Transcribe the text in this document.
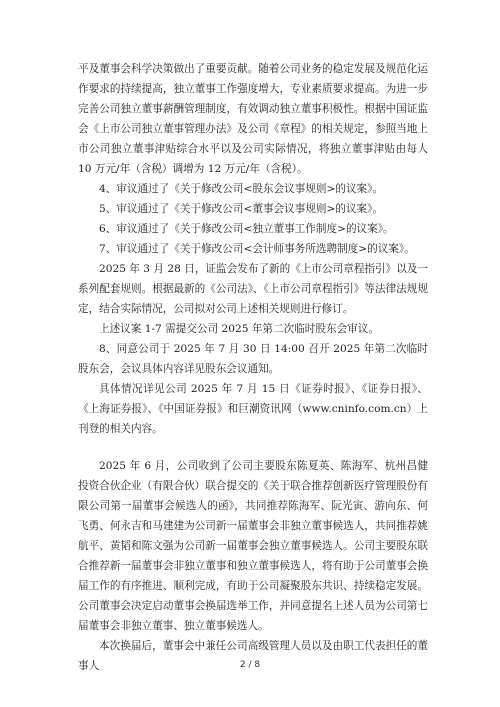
平及董事会科学决策做出了重要贡献。随着公司业务的稳定发展及规范化运作要求的持续提高，独立董事工作强度增大，专业素质要求提高。为进一步完善公司独立董事薪酬管理制度，有效调动独立董事积极性。根据中国证监会《上市公司独立董事管理办法》及公司《章程》的相关规定，参照当地上市公司独立董事津贴综合水平以及公司实际情况，将独立董事津贴由每人 10 万元/年（含税）调增为 12 万元/年（含税）。

4、审议通过了《关于修改公司<股东会议事规则>的议案》。

5、审议通过了《关于修改公司<董事会议事规则>的议案》。

6、审议通过了《关于修改公司<独立董事工作制度>的议案》。

7、审议通过了《关于修改公司<会计师事务所选聘制度>的议案》。

2025 年 3 月 28 日，证监会发布了新的《上市公司章程指引》以及一系列配套规则。根据最新的《公司法》、《上市公司章程指引》等法律法规规定，结合实际情况，公司拟对公司上述相关规则进行修订。

上述议案 1-7 需提交公司 2025 年第二次临时股东会审议。

8、同意公司于 2025 年 7 月 30 日 14:00 召开 2025 年第二次临时股东会，会议具体内容详见股东会议通知。

具体情况详见公司 2025 年 7 月 15 日《证券时报》、《证券日报》、《上海证券报》、《中国证券报》和巨潮资讯网（www.cninfo.com.cn）上刊登的相关内容。

2025 年 6 月，公司收到了公司主要股东陈夏英、陈海军、杭州昌健投资合伙企业（有限合伙）联合提交的《关于联合推荐创新医疗管理股份有限公司第一届董事会候选人的函》，共同推荐陈海军、阮光寅、游向东、何飞勇、何永吉和马建建为公司新一届董事会非独立董事候选人，共同推荐姚航平、黄韬和陈文强为公司新一届董事会独立董事候选人。公司主要股东联合推荐新一届董事会非独立董事和独立董事候选人，将有助于公司董事会换届工作的有序推进、顺利完成，有助于公司凝聚股东共识、持续稳定发展。公司董事会决定启动董事会换届选举工作，并同意提名上述人员为公司第七届董事会非独立董事、独立董事候选人。

本次换届后，董事会中兼任公司高级管理人员以及由职工代表担任的董事人	2 / 8
